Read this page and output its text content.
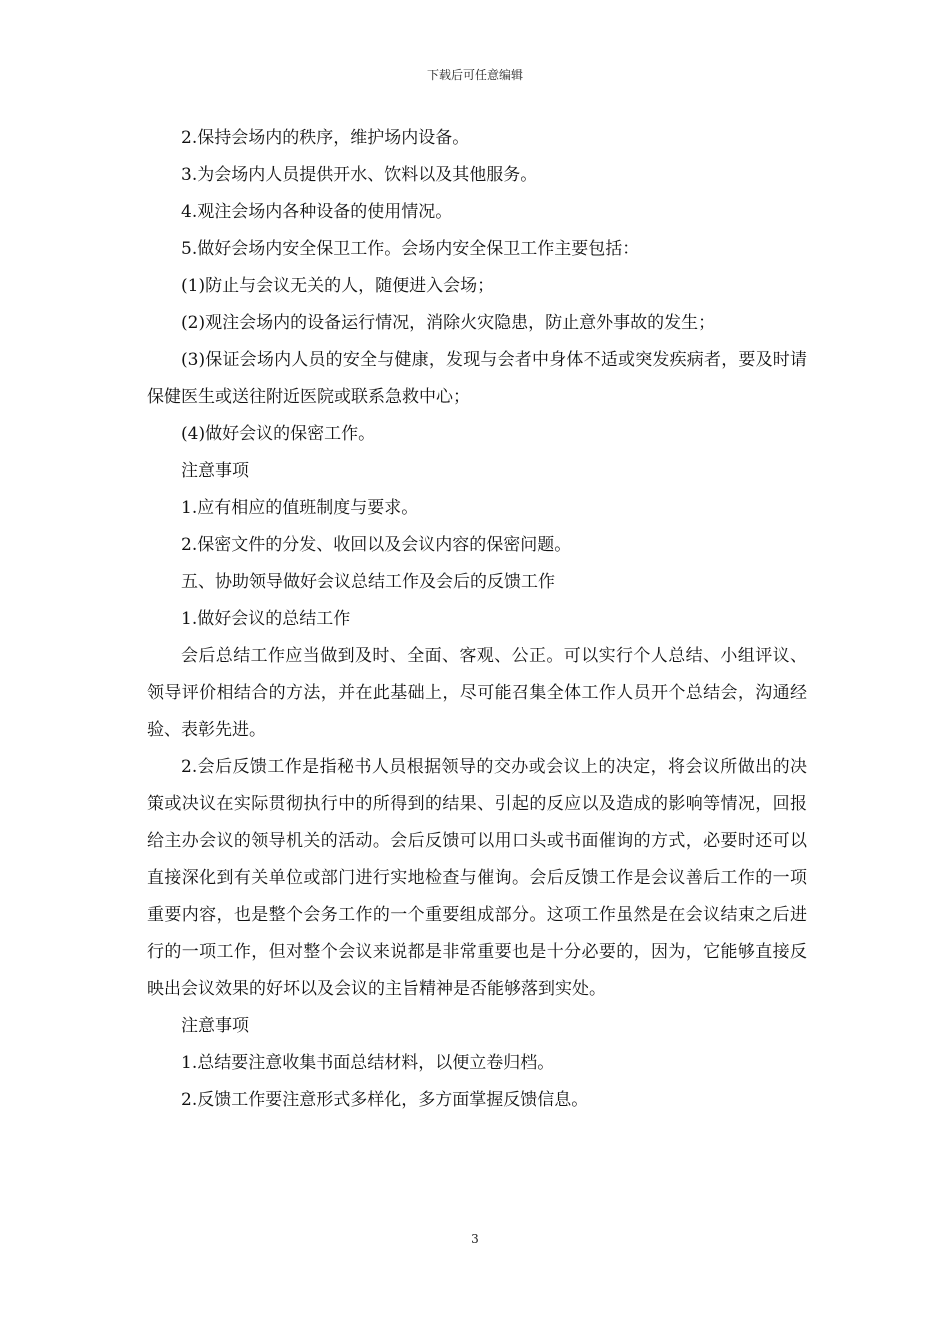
下载后可任意编辑

2.保持会场内的秩序，维护场内设备。

3.为会场内人员提供开水、饮料以及其他服务。

4.观注会场内各种设备的使用情况。

5.做好会场内安全保卫工作。会场内安全保卫工作主要包括：

(1)防止与会议无关的人，随便进入会场；

(2)观注会场内的设备运行情况，消除火灾隐患，防止意外事故的发生；

(3)保证会场内人员的安全与健康，发现与会者中身体不适或突发疾病者，要及时请保健医生或送往附近医院或联系急救中心；

(4)做好会议的保密工作。

注意事项

1.应有相应的值班制度与要求。

2.保密文件的分发、收回以及会议内容的保密问题。

五、协助领导做好会议总结工作及会后的反馈工作

1.做好会议的总结工作

会后总结工作应当做到及时、全面、客观、公正。可以实行个人总结、小组评议、领导评价相结合的方法，并在此基础上，尽可能召集全体工作人员开个总结会，沟通经验、表彰先进。

2.会后反馈工作是指秘书人员根据领导的交办或会议上的决定，将会议所做出的决策或决议在实际贯彻执行中的所得到的结果、引起的反应以及造成的影响等情况，回报给主办会议的领导机关的活动。会后反馈可以用口头或书面催询的方式，必要时还可以直接深化到有关单位或部门进行实地检查与催询。会后反馈工作是会议善后工作的一项重要内容，也是整个会务工作的一个重要组成部分。这项工作虽然是在会议结束之后进行的一项工作，但对整个会议来说都是非常重要也是十分必要的，因为，它能够直接反映出会议效果的好坏以及会议的主旨精神是否能够落到实处。

注意事项

1.总结要注意收集书面总结材料，以便立卷归档。

2.反馈工作要注意形式多样化，多方面掌握反馈信息。

3
